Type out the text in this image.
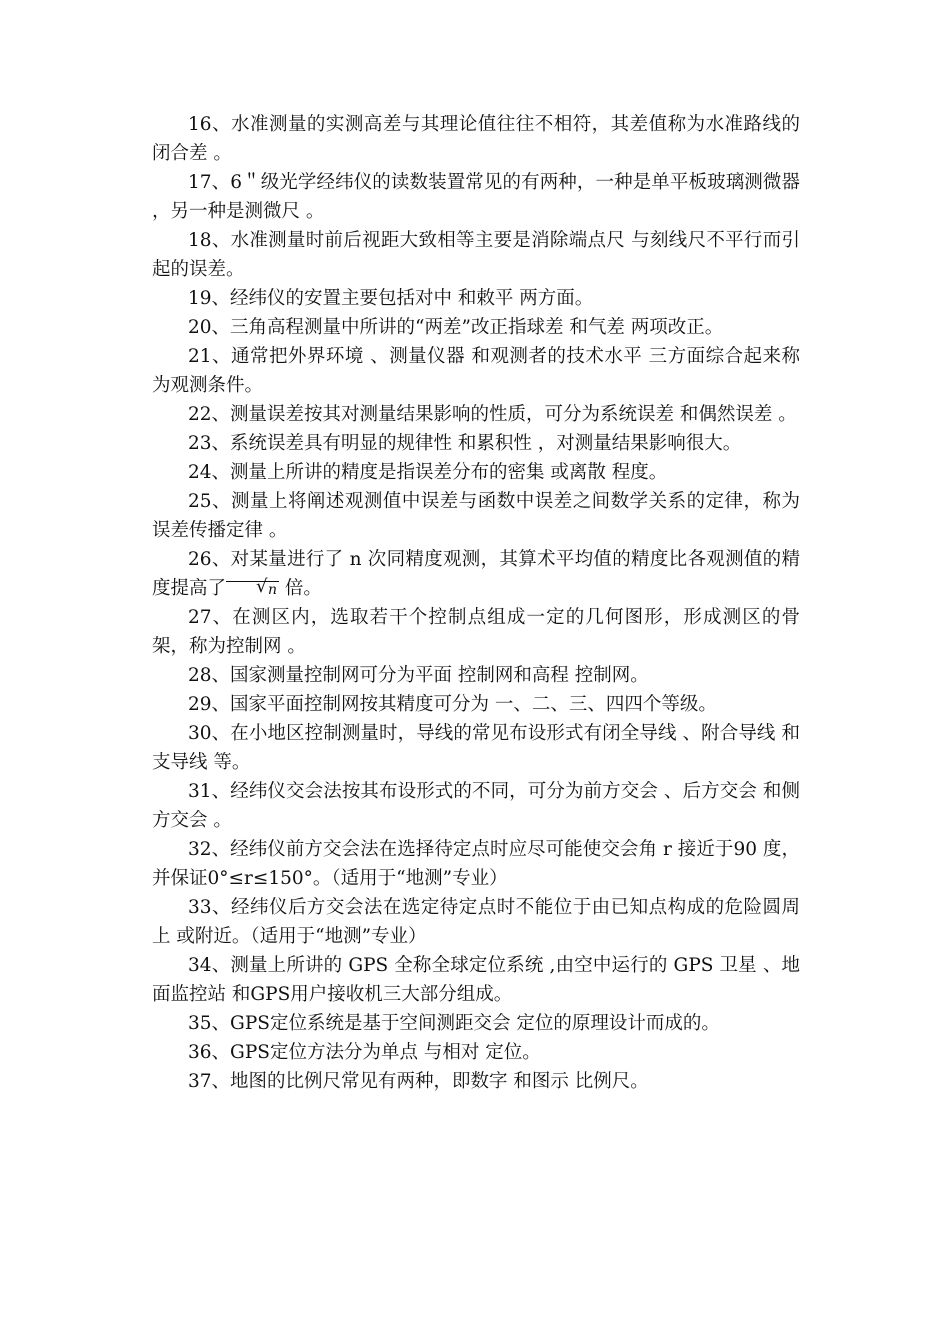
16、水准测量的实测高差与其理论值往往不相符，其差值称为水准路线的闭合差 。

17、6＂级光学经纬仪的读数装置常见的有两种，一种是单平板玻璃测微器 ，另一种是测微尺 。

18、水准测量时前后视距大致相等主要是消除端点尺 与刻线尺不平行而引起的误差。

19、经纬仪的安置主要包括对中 和敕平 两方面。

20、三角高程测量中所讲的“两差”改正指球差 和气差 两项改正。

21、通常把外界环境 、测量仪器 和观测者的技术水平 三方面综合起来称为观测条件。

22、测量误差按其对测量结果影响的性质，可分为系统误差 和偶然误差 。

23、系统误差具有明显的规律性 和累积性 ，对测量结果影响很大。

24、测量上所讲的精度是指误差分布的密集 或离散 程度。

25、测量上将阐述观测值中误差与函数中误差之间数学关系的定律，称为误差传播定律 。

26、对某量进行了 n 次同精度观测，其算术平均值的精度比各观测值的精度提高了√	n 倍。

27、在测区内，选取若干个控制点组成一定的几何图形，形成测区的骨架，称为控制网 。

28、国家测量控制网可分为平面 控制网和高程 控制网。

29、国家平面控制网按其精度可分为 一、二、三、四四个等级。

30、在小地区控制测量时，导线的常见布设形式有闭全导线 、附合导线 和支导线 等。

31、经纬仪交会法按其布设形式的不同，可分为前方交会 、后方交会 和侧方交会 。

32、经纬仪前方交会法在选择待定点时应尽可能使交会角 r 接近于90 度，并保证0°≤r≤150°。（适用于“地测”专业）

33、经纬仪后方交会法在选定待定点时不能位于由已知点构成的危险圆周上 或附近。（适用于“地测”专业）

34、测量上所讲的 GPS 全称全球定位系统 ,由空中运行的 GPS 卫星 、地面监控站 和GPS用户接收机三大部分组成。

35、GPS定位系统是基于空间测距交会 定位的原理设计而成的。

36、GPS定位方法分为单点 与相对 定位。

37、地图的比例尺常见有两种，即数字 和图示 比例尺。
